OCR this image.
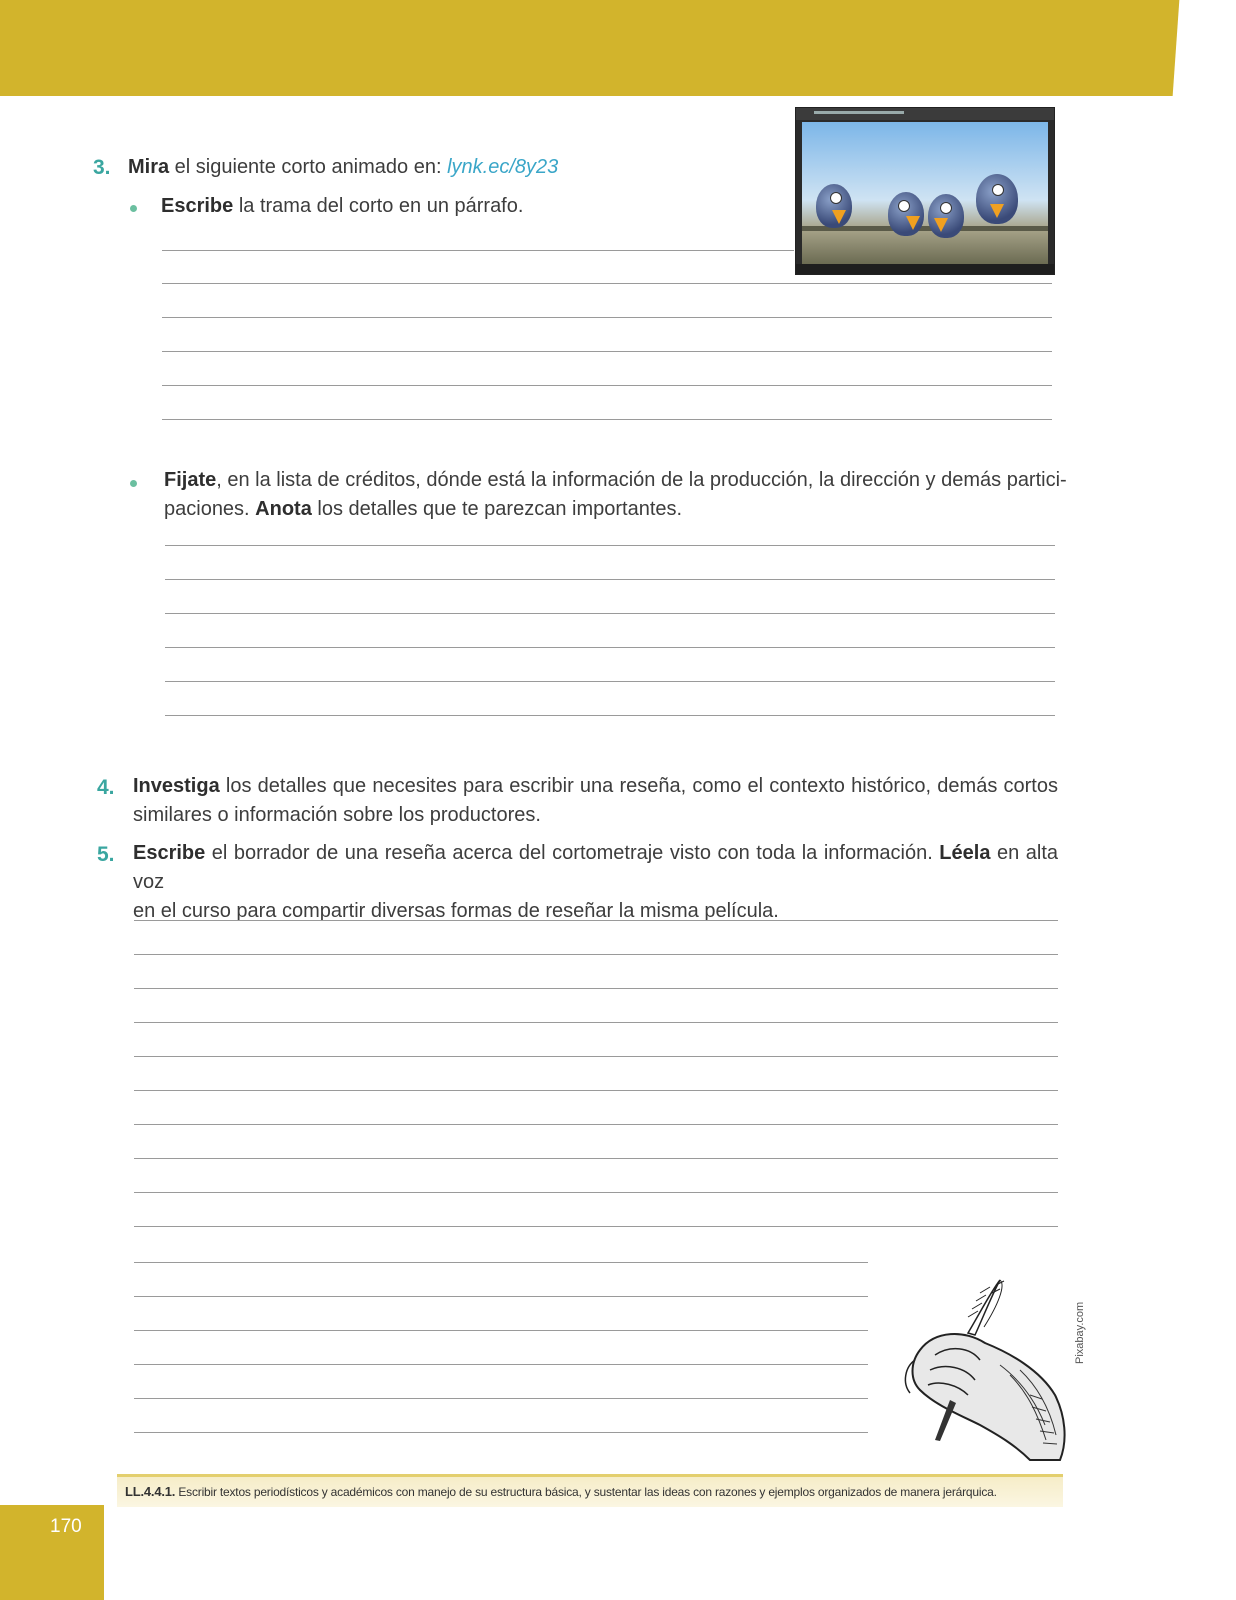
3. Mira el siguiente corto animado en: lynk.ec/8y23
Escribe la trama del corto en un párrafo.
Fijate, en la lista de créditos, dónde está la información de la producción, la dirección y demás partici-
paciones. Anota los detalles que te parezcan importantes.
4. Investiga los detalles que necesites para escribir una reseña, como el contexto histórico, demás cortos
similares o información sobre los productores.
5. Escribe el borrador de una reseña acerca del cortometraje visto con toda la información. Léela en alta voz
en el curso para compartir diversas formas de reseñar la misma película.
Pixabay.com
LL.4.4.1. Escribir textos periodísticos y académicos con manejo de su estructura básica, y sustentar las ideas con razones y ejemplos organizados de manera jerárquica.
170
